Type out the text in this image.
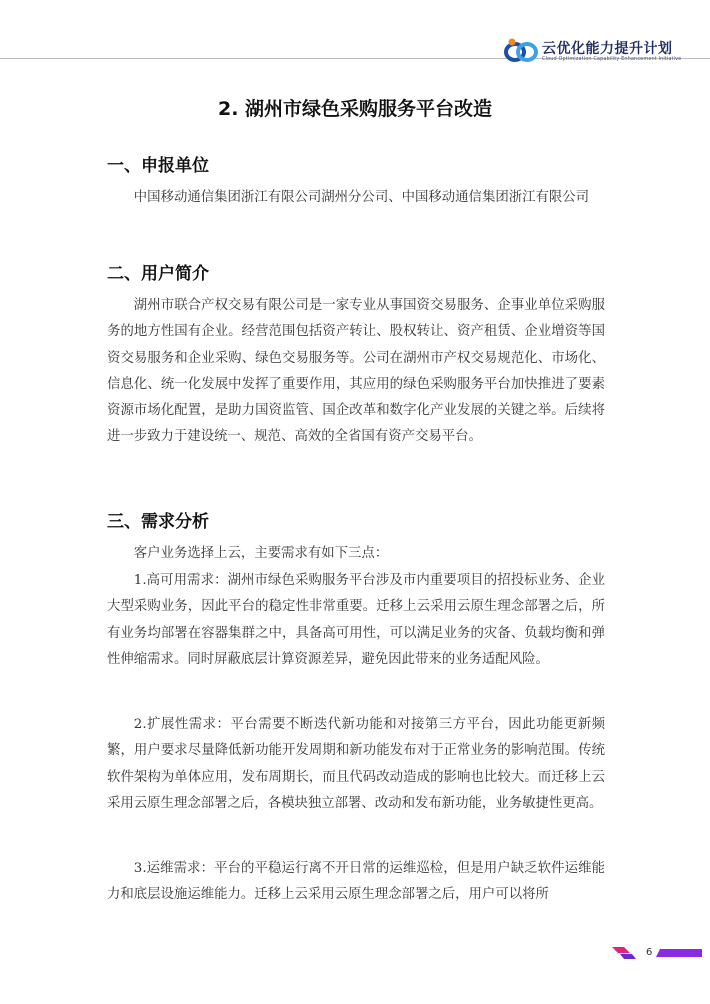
云优化能力提升计划
Cloud Optimization Capability Enhancement Initiative
2. 湖州市绿色采购服务平台改造
一、申报单位
中国移动通信集团浙江有限公司湖州分公司、中国移动通信集团浙江有限公司
二、用户简介
湖州市联合产权交易有限公司是一家专业从事国资交易服务、企事业单位采购服务的地方性国有企业。经营范围包括资产转让、股权转让、资产租赁、企业增资等国资交易服务和企业采购、绿色交易服务等。公司在湖州市产权交易规范化、市场化、信息化、统一化发展中发挥了重要作用，其应用的绿色采购服务平台加快推进了要素资源市场化配置，是助力国资监管、国企改革和数字化产业发展的关键之举。后续将进一步致力于建设统一、规范、高效的全省国有资产交易平台。
三、需求分析
客户业务选择上云，主要需求有如下三点：
1.高可用需求：湖州市绿色采购服务平台涉及市内重要项目的招投标业务、企业大型采购业务，因此平台的稳定性非常重要。迁移上云采用云原生理念部署之后，所有业务均部署在容器集群之中，具备高可用性，可以满足业务的灾备、负载均衡和弹性伸缩需求。同时屏蔽底层计算资源差异，避免因此带来的业务适配风险。
2.扩展性需求：平台需要不断迭代新功能和对接第三方平台，因此功能更新频繁，用户要求尽量降低新功能开发周期和新功能发布对于正常业务的影响范围。传统软件架构为单体应用，发布周期长，而且代码改动造成的影响也比较大。而迁移上云采用云原生理念部署之后，各模块独立部署、改动和发布新功能，业务敏捷性更高。
3.运维需求：平台的平稳运行离不开日常的运维巡检，但是用户缺乏软件运维能力和底层设施运维能力。迁移上云采用云原生理念部署之后，用户可以将所
6
